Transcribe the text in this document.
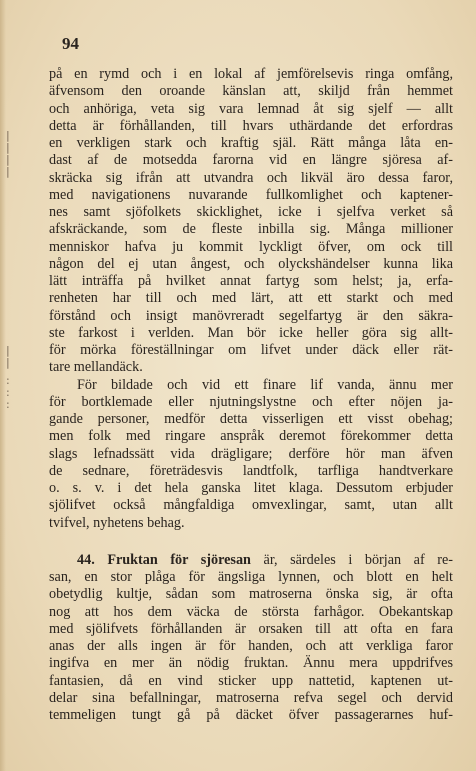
|
|
|
|
|
|
:
:
:
94
på en rymd och i en lokal af jemförelsevis ringa omfång,
äfvensom den oroande känslan att, skiljd från hemmet
och anhöriga, veta sig vara lemnad åt sig sjelf — allt
detta är förhållanden, till hvars uthärdande det erfordras
en verkligen stark och kraftig själ. Rätt många låta en-
dast af de motsedda farorna vid en längre sjöresa af-
skräcka sig ifrån att utvandra och likväl äro dessa faror,
med navigationens nuvarande fullkomlighet och kaptener-
nes samt sjöfolkets skicklighet, icke i sjelfva verket så
afskräckande, som de fleste inbilla sig. Många millioner
menniskor hafva ju kommit lyckligt öfver, om ock till
någon del ej utan ångest, och olyckshändelser kunna lika
lätt inträffa på hvilket annat fartyg som helst; ja, erfa-
renheten har till och med lärt, att ett starkt och med
förstånd och insigt manövreradt segelfartyg är den säkra-
ste farkost i verlden. Man bör icke heller göra sig allt-
för mörka föreställningar om lifvet under däck eller rät-
tare mellandäck.
För bildade och vid ett finare lif vanda, ännu mer
för bortklemade eller njutningslystne och efter nöjen ja-
gande personer, medför detta visserligen ett visst obehag;
men folk med ringare anspråk deremot förekommer detta
slags lefnadssätt vida drägligare; derföre hör man äfven
de sednare, företrädesvis landtfolk, tarfliga handtverkare
o. s. v. i det hela ganska litet klaga. Dessutom erbjuder
sjölifvet också mångfaldiga omvexlingar, samt, utan allt
tvifvel, nyhetens behag.
44. Fruktan för sjöresan är, särdeles i början af re-
san, en stor plåga för ängsliga lynnen, och blott en helt
obetydlig kultje, sådan som matroserna önska sig, är ofta
nog att hos dem väcka de största farhågor. Obekantskap
med sjölifvets förhållanden är orsaken till att ofta en fara
anas der alls ingen är för handen, och att verkliga faror
ingifva en mer än nödig fruktan. Ännu mera uppdrifves
fantasien, då en vind sticker upp nattetid, kaptenen ut-
delar sina befallningar, matroserna refva segel och dervid
temmeligen tungt gå på däcket öfver passagerarnes huf-
